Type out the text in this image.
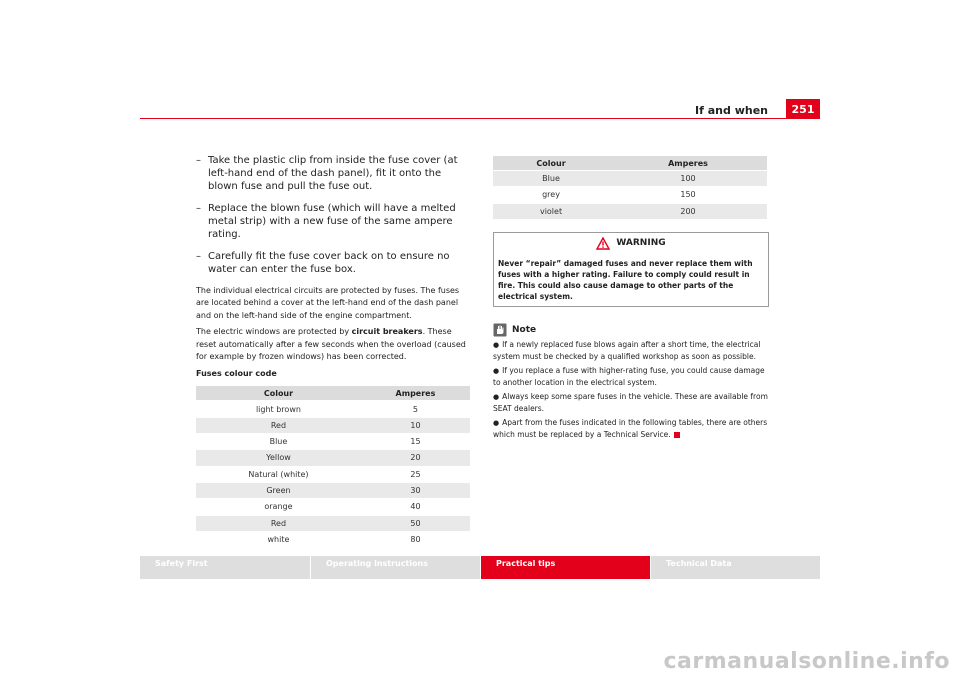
If and when	251
– Take the plastic clip from inside the fuse cover (at left-hand end of the dash panel), fit it onto the blown fuse and pull the fuse out.
– Replace the blown fuse (which will have a melted metal strip) with a new fuse of the same ampere rating.
– Carefully fit the fuse cover back on to ensure no water can enter the fuse box.

The individual electrical circuits are protected by fuses. The fuses are located behind a cover at the left-hand end of the dash panel and on the left-hand side of the engine compartment.

The electric windows are protected by circuit breakers. These reset automatically after a few seconds when the overload (caused for example by frozen windows) has been corrected.

Fuses colour code
Colour	Amperes
light brown	5
Red	10
Blue	15
Yellow	20
Natural (white)	25
Green	30
orange	40
Red	50
white	80
Colour	Amperes
Blue	100
grey	150
violet	200
WARNING
Never “repair” damaged fuses and never replace them with fuses with a higher rating. Failure to comply could result in fire. This could also cause damage to other parts of the electrical system.
Note
● If a newly replaced fuse blows again after a short time, the electrical system must be checked by a qualified workshop as soon as possible.
● If you replace a fuse with higher-rating fuse, you could cause damage to another location in the electrical system.
● Always keep some spare fuses in the vehicle. These are available from SEAT dealers.
● Apart from the fuses indicated in the following tables, there are others which must be replaced by a Technical Service.
Safety First	Operating instructions	Practical tips	Technical Data
carmanualsonline.info
